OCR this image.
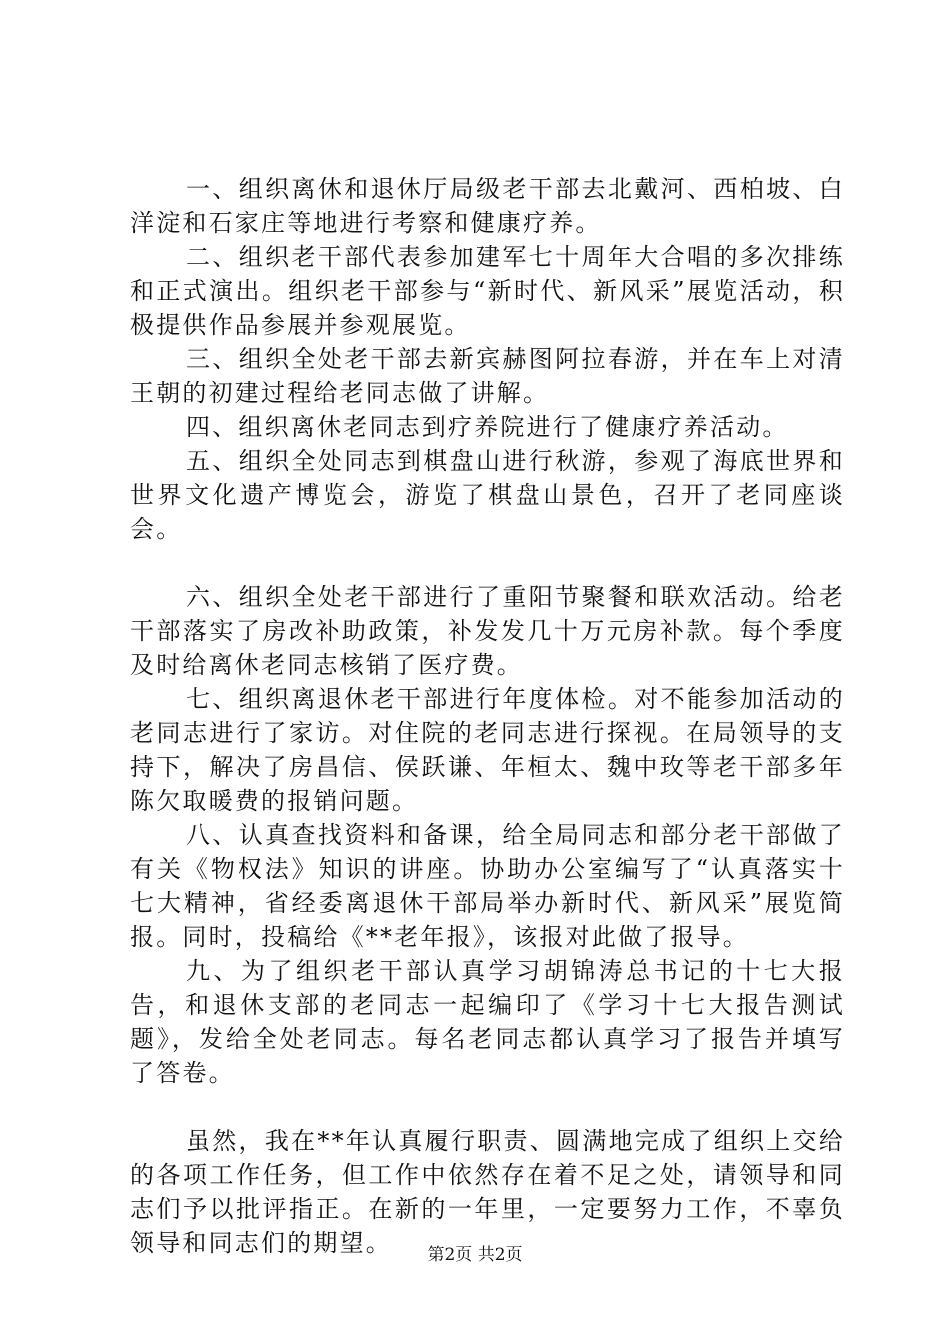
一、组织离休和退休厅局级老干部去北戴河、西柏坡、白洋淀和石家庄等地进行考察和健康疗养。

二、组织老干部代表参加建军七十周年大合唱的多次排练和正式演出。组织老干部参与“新时代、新风采”展览活动，积极提供作品参展并参观展览。

三、组织全处老干部去新宾赫图阿拉春游，并在车上对清王朝的初建过程给老同志做了讲解。

四、组织离休老同志到疗养院进行了健康疗养活动。

五、组织全处同志到棋盘山进行秋游，参观了海底世界和世界文化遗产博览会，游览了棋盘山景色，召开了老同座谈会。

六、组织全处老干部进行了重阳节聚餐和联欢活动。给老干部落实了房改补助政策，补发发几十万元房补款。每个季度及时给离休老同志核销了医疗费。

七、组织离退休老干部进行年度体检。对不能参加活动的老同志进行了家访。对住院的老同志进行探视。在局领导的支持下，解决了房昌信、侯跃谦、年桓太、魏中玫等老干部多年陈欠取暖费的报销问题。

八、认真查找资料和备课，给全局同志和部分老干部做了有关《物权法》知识的讲座。协助办公室编写了“认真落实十七大精神，省经委离退休干部局举办新时代、新风采”展览简报。同时，投稿给《**老年报》，该报对此做了报导。

九、为了组织老干部认真学习胡锦涛总书记的十七大报告，和退休支部的老同志一起编印了《学习十七大报告测试题》，发给全处老同志。每名老同志都认真学习了报告并填写了答卷。

虽然，我在**年认真履行职责、圆满地完成了组织上交给的各项工作任务，但工作中依然存在着不足之处，请领导和同志们予以批评指正。在新的一年里，一定要努力工作，不辜负领导和同志们的期望。	第2页 共2页
